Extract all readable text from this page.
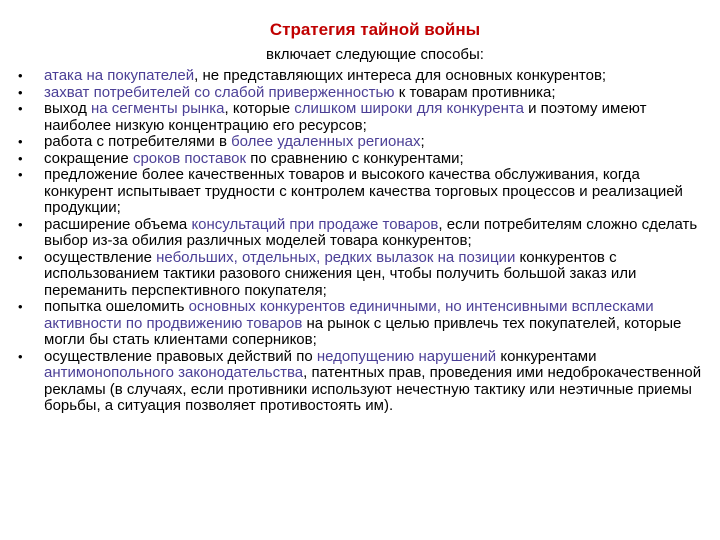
Стратегия тайной войны
включает следующие способы:
• атака на покупателей, не представляющих интереса для основных конкурентов;
• захват потребителей со слабой приверженностью к товарам противника;
• выход на сегменты рынка, которые слишком широки для конкурента и поэтому имеют наиболее низкую концентрацию его ресурсов;
• работа с потребителями в более удаленных регионах;
• сокращение сроков поставок по сравнению с конкурентами;
• предложение более качественных товаров и высокого качества обслуживания, когда конкурент испытывает трудности с контролем качества торговых процессов и реализацией продукции;
• расширение объема консультаций при продаже товаров, если потребителям сложно сделать выбор из-за обилия различных моделей товара конкурентов;
• осуществление небольших, отдельных, редких вылазок на позиции конкурентов с использованием тактики разового снижения цен, чтобы получить большой заказ или переманить перспективного покупателя;
• попытка ошеломить основных конкурентов единичными, но интенсивными всплесками активности по продвижению товаров на рынок с целью привлечь тех покупателей, которые могли бы стать клиентами соперников;
• осуществление правовых действий по недопущению нарушений конкурентами антимонопольного законодательства, патентных прав, проведения ими недоброкачественной рекламы (в случаях, если противники используют нечестную тактику или неэтичные приемы борьбы, а ситуация позволяет противостоять им).
